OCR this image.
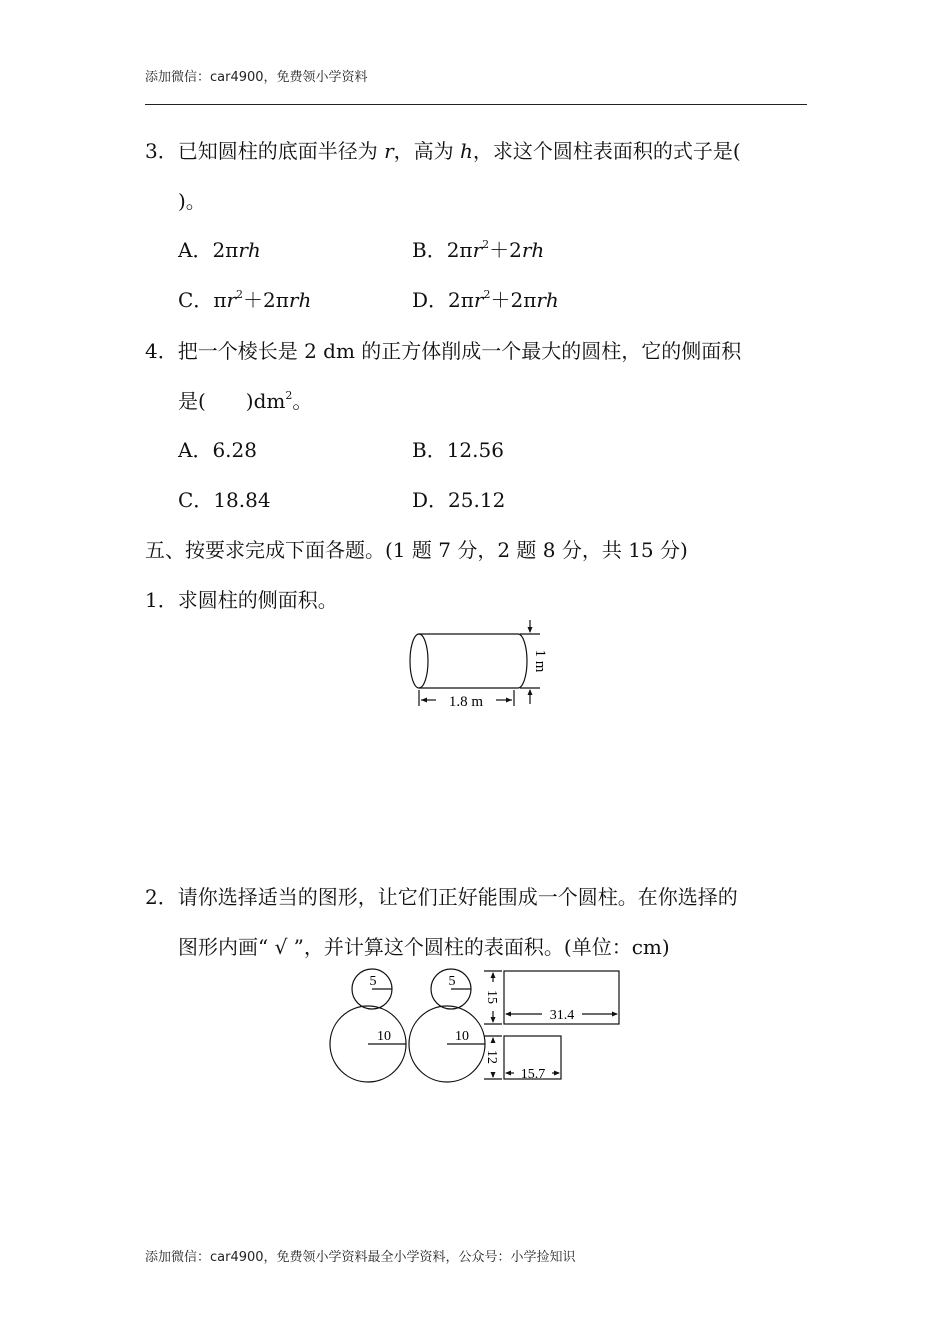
添加微信：car4900，免费领小学资料
3．已知圆柱的底面半径为 r，高为 h，求这个圆柱表面积的式子是(
)。
A．2πrh	B．$2\pi r^2+2rh$
C．$\pi r^2+2\pi rh$	D．$2\pi r^2+2\pi rh$
4．把一个棱长是 2 dm 的正方体削成一个最大的圆柱，它的侧面积
是(　　)$dm^2$。
A．6.28	B．12.56
C．18.84	D．25.12
五、按要求完成下面各题。(1 题 7 分，2 题 8 分，共 15 分)
1．求圆柱的侧面积。
1.8 m
1 m
2．请你选择适当的图形，让它们正好能围成一个圆柱。在你选择的
图形内画“ √ ”，并计算这个圆柱的表面积。(单位：cm)
5	5
10	10
15
31.4
12
15.7
添加微信：car4900，免费领小学资料最全小学资料，公众号：小学捡知识
